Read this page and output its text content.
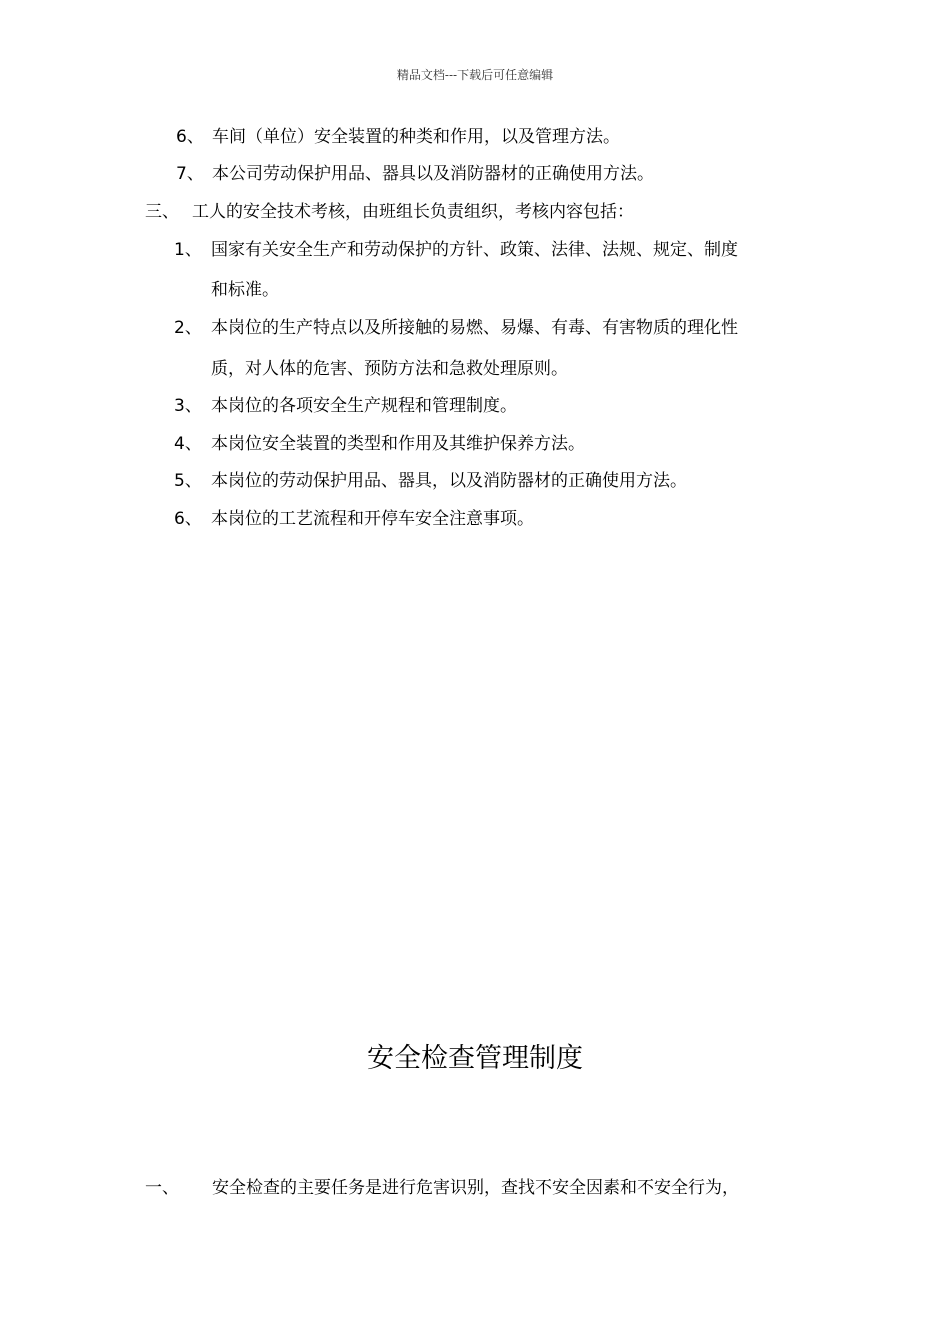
精品文档---下载后可任意编辑
6、 车间（单位）安全装置的种类和作用，以及管理方法。
7、 本公司劳动保护用品、器具以及消防器材的正确使用方法。
三、 工人的安全技术考核，由班组长负责组织，考核内容包括：
1、 国家有关安全生产和劳动保护的方针、政策、法律、法规、规定、制度
和标准。
2、 本岗位的生产特点以及所接触的易燃、易爆、有毒、有害物质的理化性
质，对人体的危害、预防方法和急救处理原则。
3、 本岗位的各项安全生产规程和管理制度。
4、 本岗位安全装置的类型和作用及其维护保养方法。
5、 本岗位的劳动保护用品、器具，以及消防器材的正确使用方法。
6、 本岗位的工艺流程和开停车安全注意事项。
安全检查管理制度
一、 安全检查的主要任务是进行危害识别，查找不安全因素和不安全行为，
